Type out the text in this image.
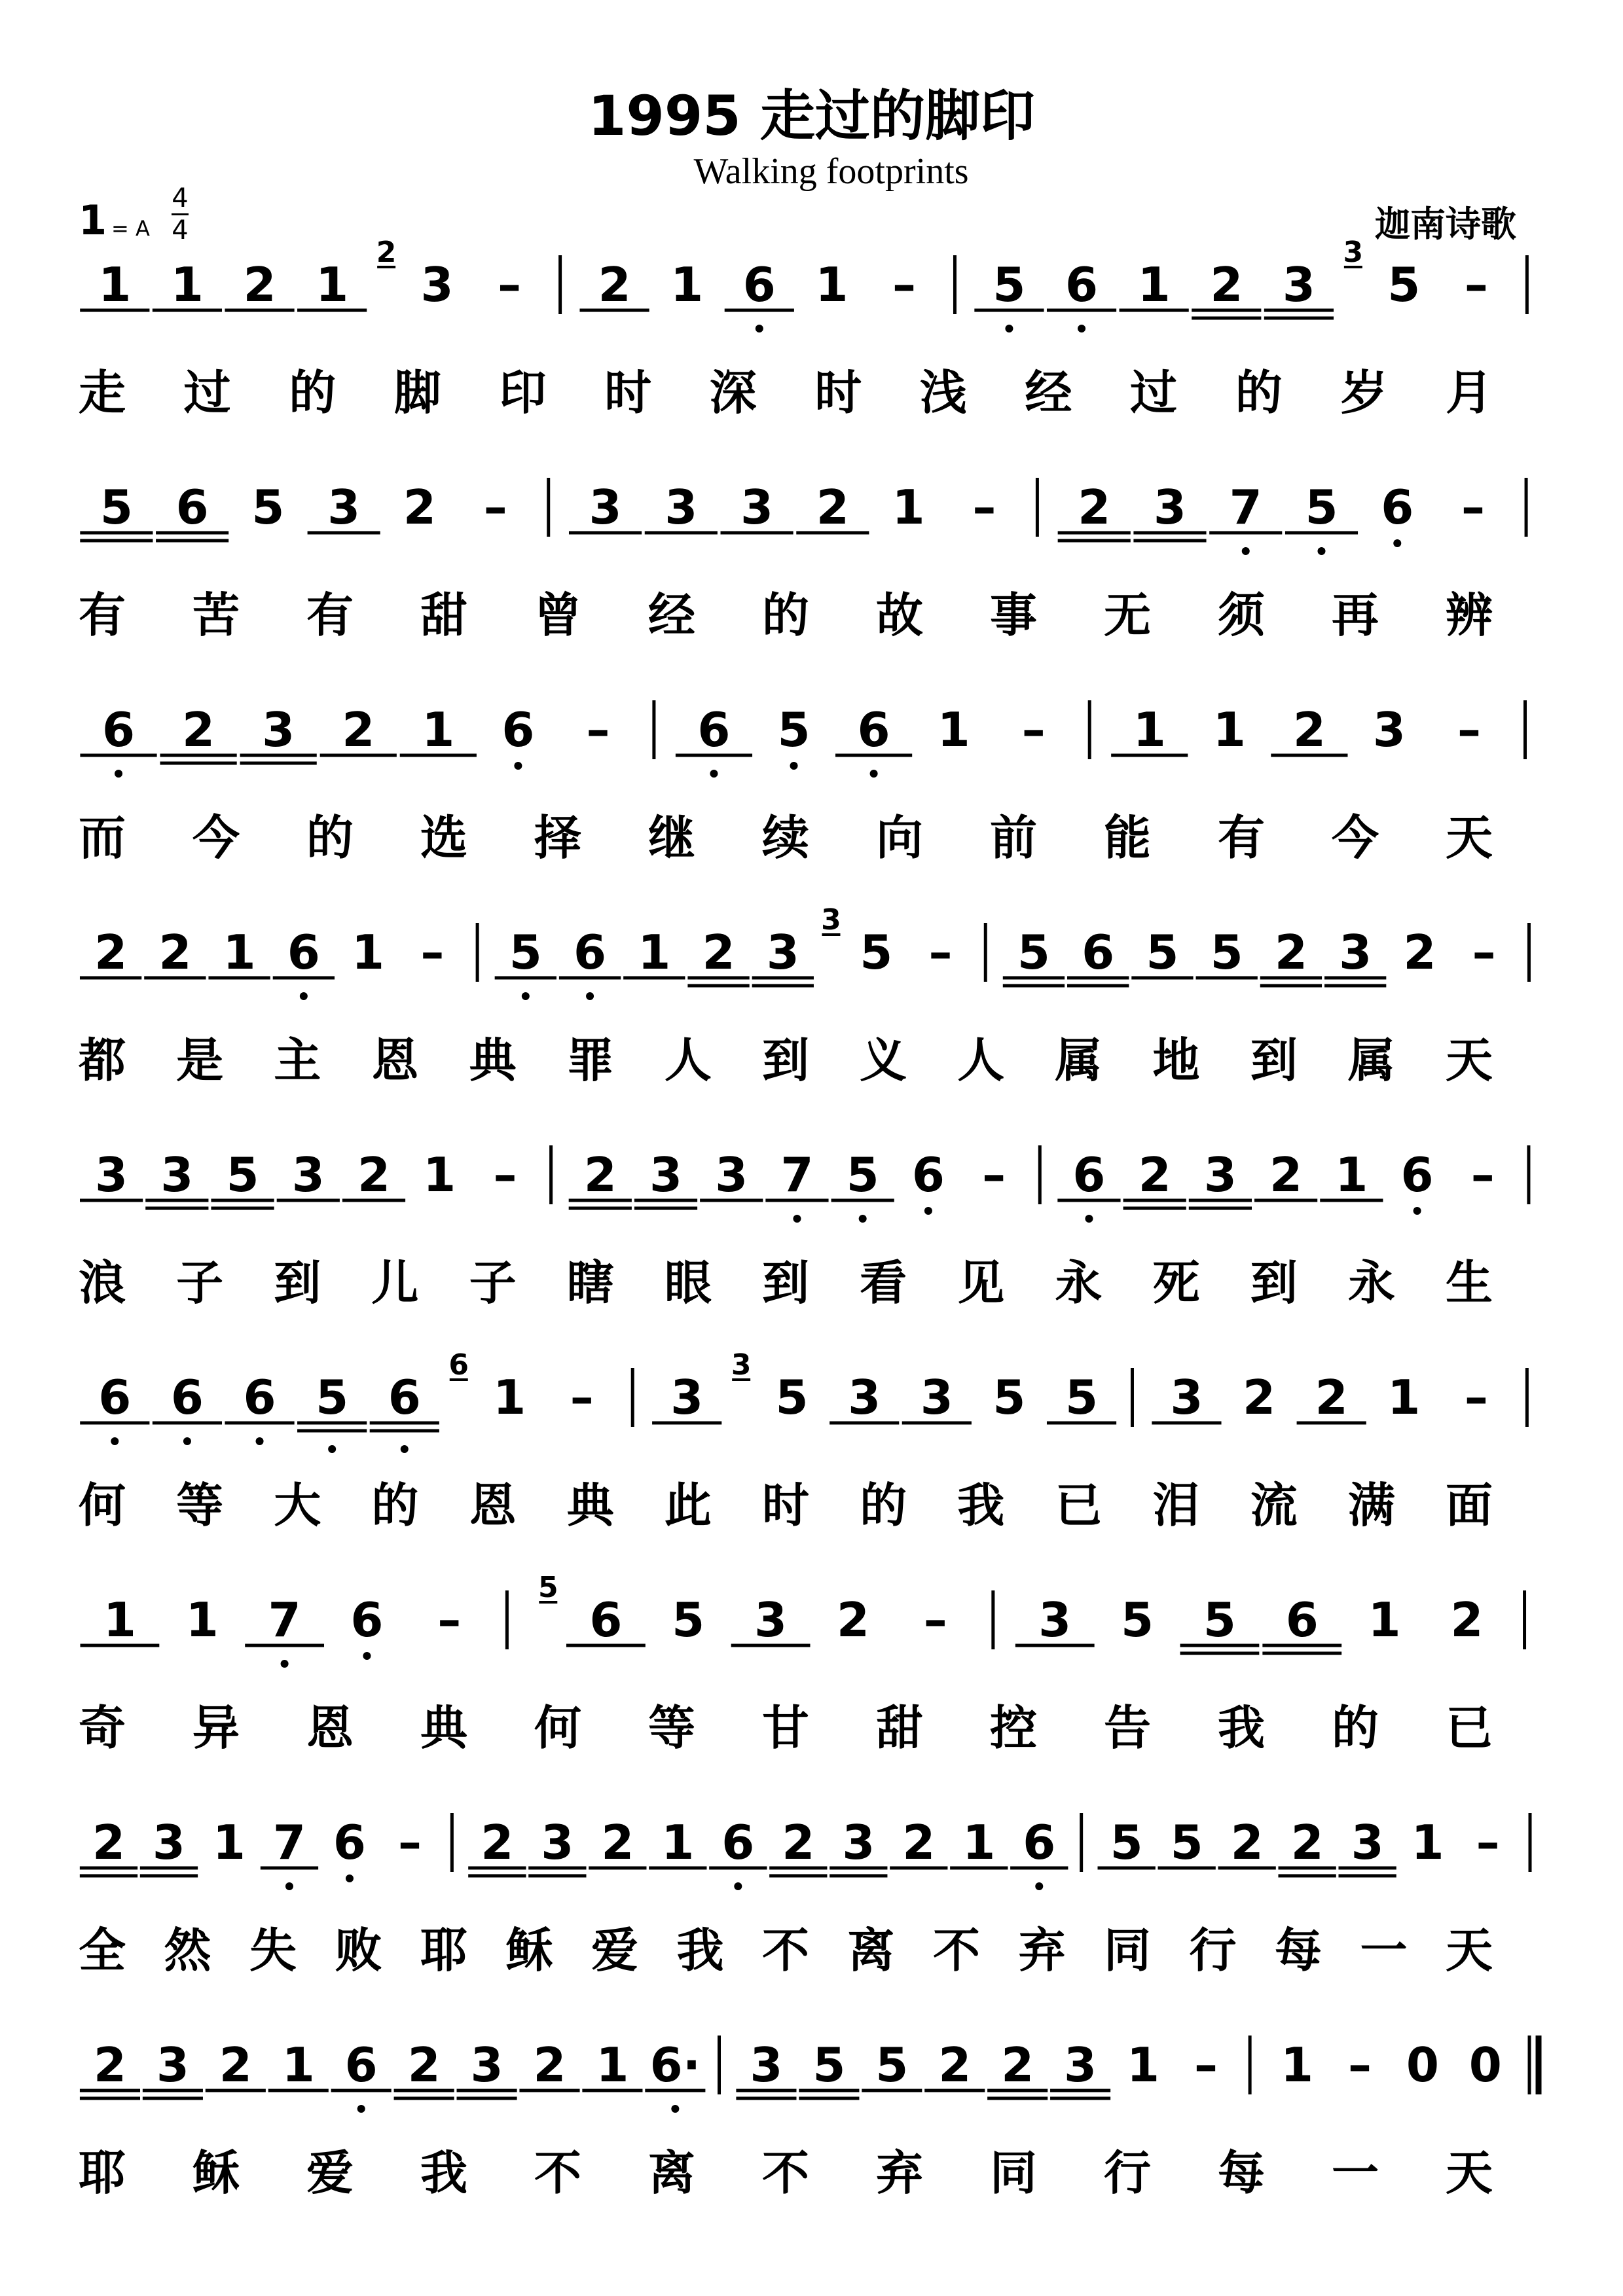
1995 走过的脚印
Walking footprints
1 = A
4
4	迦南诗歌
1 1 2 1
2
3 – 2 1 6 1 – 5 6 1 2 3
3
5 –
走 过 的 脚 印 时 深 时 浅 经 过 的 岁 月
5 6 5 3 2 – 3 3 3 2 1 – 2 3 7 5 6 –
有 苦 有 甜 曾 经 的 故 事 无 须 再 辨
6 2 3 2 1 6 – 6 5 6 1 – 1 1 2 3 –
而 今 的 选 择 继 续 向 前 能 有 今 天
2 2 1 6 1 – 5 6 1 2 3
3
5 – 5 6 5 5 2 3 2 –
都 是 主 恩 典 罪 人 到 义 人 属 地 到 属 天
3 3 5 3 2 1 – 2 3 3 7 5 6 – 6 2 3 2 1 6 –
浪 子 到 儿 子 瞎 眼 到 看 见 永 死 到 永 生
6 6 6 5 6
6
1 – 3
3
5 3 3 5 5 3 2 2 1 –
何 等 大 的 恩 典 此 时 的 我 已 泪 流 满 面
1 1 7 6 –
5
6 5 3 2 – 3 5 5 6 1 2
奇 异 恩 典 何 等 甘 甜 控 告 我 的 已
2 3 1 7 6 – 2 3 2 1 6 2 3 2 1 6 5 5 2 2 3 1 –
全 然 失 败 耶 稣 爱 我 不 离 不 弃 同 行 每 一 天
2 3 2 1 6 2 3 2 1 6· 3 5 5 2 2 3 1 – 1 – 0 0
耶 稣 爱 我 不 离 不 弃 同 行 每 一 天
